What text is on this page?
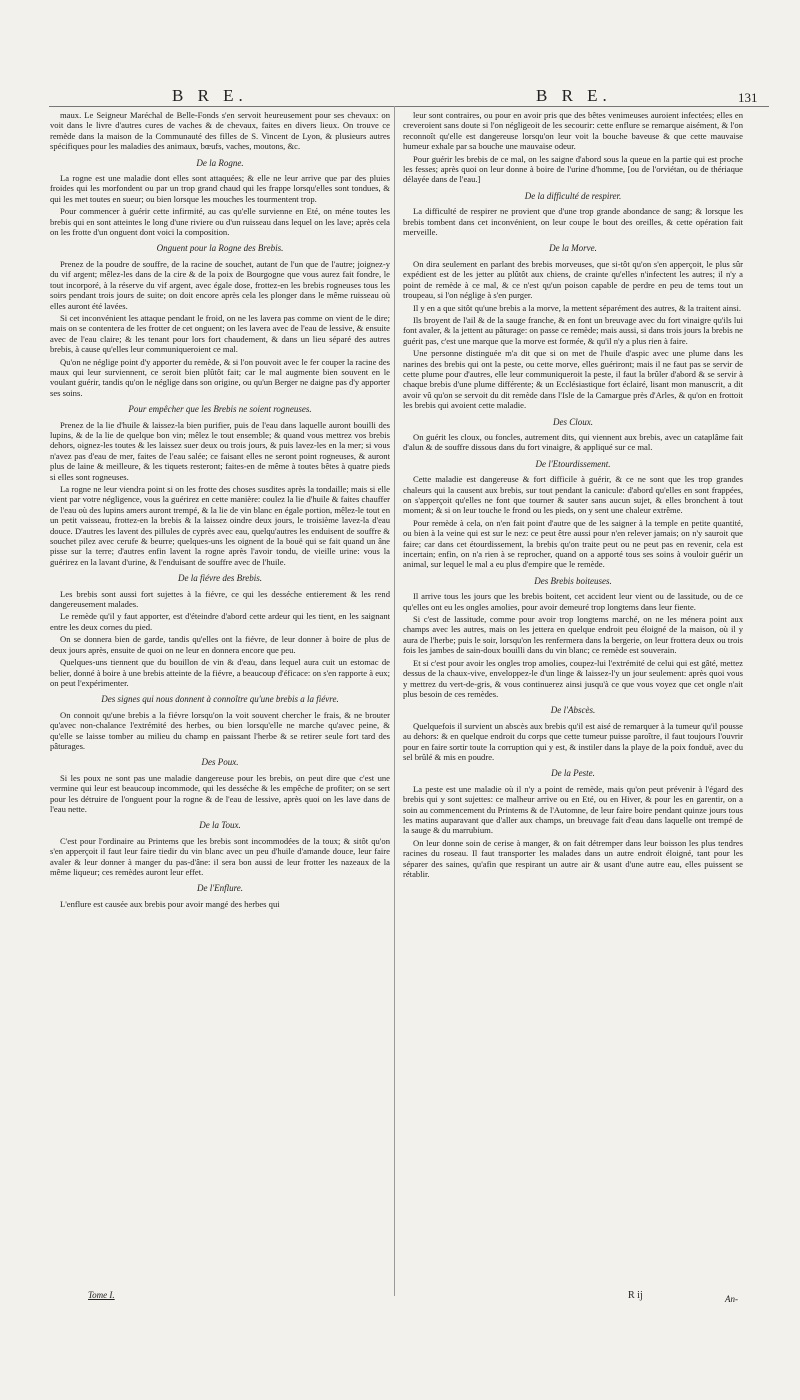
B R E.	B R E.	131

maux. Le Seigneur Maréchal de Belle-Fonds s'en servoit heureusement pour ses chevaux: on voit dans le livre d'autres cures de vaches & de chevaux, faites en divers lieux. On trouve ce remède dans la maison de la Communauté des filles de S. Vincent de Lyon, & plusieurs autres spécifiques pour les maladies des animaux, bœufs, vaches, moutons, &c.

De la Rogne.

La rogne est une maladie dont elles sont attaquées; & elle ne leur arrive que par des pluies froides qui les morfondent ou par un trop grand chaud qui les frappe lorsqu'elles sont tondues, & qui les met toutes en sueur; ou bien lorsque les mouches les tourmentent trop.

Pour commencer à guérir cette infirmité, au cas qu'elle survienne en Eté, on méne toutes les brebis qui en sont atteintes le long d'une riviere ou d'un ruisseau dans lequel on les lave; après cela on les frotte d'un onguent dont voici la composition.

Onguent pour la Rogne des Brebis.

Prenez de la poudre de souffre, de la racine de souchet, autant de l'un que de l'autre; joignez-y du vif argent; mêlez-les dans de la cire & de la poix de Bourgogne que vous aurez fait fondre, le tout incorporé, à la réserve du vif argent, avec égale dose, frottez-en les brebis rogneuses tous les soirs pendant trois jours de suite; on doit encore après cela les plonger dans le même ruisseau où elles auront été lavées.

Si cet inconvénient les attaque pendant le froid, on ne les lavera pas comme on vient de le dire; mais on se contentera de les frotter de cet onguent; on les lavera avec de l'eau de lessive, & ensuite avec de l'eau claire; & les tenant pour lors fort chaudement, & dans un lieu séparé des autres brebis, à cause qu'elles leur communiqueroient ce mal.

Qu'on ne néglige point d'y apporter du remède, & si l'on pouvoit avec le fer couper la racine des maux qui leur surviennent, ce seroit bien plûtôt fait; car le mal augmente bien souvent en le voulant guérir, tandis qu'on le néglige dans son origine, ou qu'un Berger ne daigne pas d'y apporter ses soins.

Pour empêcher que les Brebis ne soient rogneuses.

Prenez de la lie d'huile & laissez-la bien purifier, puis de l'eau dans laquelle auront bouilli des lupins, & de la lie de quelque bon vin; mêlez le tout ensemble; & quand vous mettrez vos brebis dehors, oignez-les toutes & les laissez suer deux ou trois jours, & puis lavez-les en la mer; si vous n'avez pas d'eau de mer, faites de l'eau salée; ce faisant elles ne seront point rogneuses, & auront plus de laine & meilleure, & les tiquets resteront; faites-en de même à toutes bêtes à quatre pieds si elles sont rogneuses.

La rogne ne leur viendra point si on les frotte des choses susdites après la tondaille; mais si elle vient par votre négligence, vous la guérirez en cette manière: coulez la lie d'huile & faites chauffer de l'eau où des lupins amers auront trempé, & la lie de vin blanc en égale portion, mêlez-le tout en un petit vaisseau, frottez-en la brebis & la laissez oindre deux jours, le troisième lavez-la d'eau douce. D'autres les lavent des pillules de cyprès avec eau, quelqu'autres les enduisent de souffre & souchet pilez avec cerufe & beurre; quelques-uns les oignent de la bouë qui se fait quand un âne pisse sur la terre; d'autres enfin lavent la rogne après l'avoir tondu, de vieille urine: vous la guérirez en la lavant d'urine, & l'enduisant de souffre avec de l'huile.

De la fiévre des Brebis.

Les brebis sont aussi fort sujettes à la fiévre, ce qui les desséche entierement & les rend dangereusement malades.

Le remède qu'il y faut apporter, est d'éteindre d'abord cette ardeur qui les tient, en les saignant entre les deux cornes du pied.

On se donnera bien de garde, tandis qu'elles ont la fiévre, de leur donner à boire de plus de deux jours après, ensuite de quoi on ne leur en donnera encore que peu.

Quelques-uns tiennent que du bouillon de vin & d'eau, dans lequel aura cuit un estomac de belier, donné à boire à une brebis atteinte de la fiévre, a beaucoup d'éficace: on s'en rapporte à eux; on peut l'expérimenter.

Des signes qui nous donnent à connoître qu'une brebis a la fiévre.

On connoit qu'une brebis a la fiévre lorsqu'on la voit souvent chercher le frais, & ne brouter qu'avec non-chalance l'extrémité des herbes, ou bien lorsqu'elle ne marche qu'avec peine, & qu'elle se laisse tomber au milieu du champ en paissant l'herbe & se retirer seule fort tard des pâturages.

Des Poux.

Si les poux ne sont pas une maladie dangereuse pour les brebis, on peut dire que c'est une vermine qui leur est beaucoup incommode, qui les desséche & les empêche de profiter; on se sert pour les détruire de l'onguent pour la rogne & de l'eau de lessive, après quoi on les lave dans de l'eau nette.

De la Toux.

C'est pour l'ordinaire au Printems que les brebis sont incommodées de la toux; & sitôt qu'on s'en apperçoit il faut leur faire tiedir du vin blanc avec un peu d'huile d'amande douce, leur faire avaler & leur donner à manger du pas-d'âne: il sera bon aussi de leur frotter les nazeaux de la même liqueur; ces remèdes auront leur effet.

De l'Enflure.

L'enflure est causée aux brebis pour avoir mangé des herbes qui

leur sont contraires, ou pour en avoir pris que des bêtes venimeuses auroient infectées; elles en creveroient sans doute si l'on négligeoit de les secourir: cette enflure se remarque aisément, & l'on reconnoît qu'elle est dangereuse lorsqu'on leur voit la bouche baveuse & que cette mauvaise humeur exhale par sa bouche une mauvaise odeur.

Pour guérir les brebis de ce mal, on les saigne d'abord sous la queue en la partie qui est proche les fesses; après quoi on leur donne à boire de l'urine d'homme, [ou de l'orviétan, ou de thériaque délayée dans de l'eau.]

De la difficulté de respirer.

La difficulté de respirer ne provient que d'une trop grande abondance de sang; & lorsque les brebis tombent dans cet inconvénient, on leur coupe le bout des oreilles, & cette opération fait merveille.

De la Morve.

On dira seulement en parlant des brebis morveuses, que si-tôt qu'on s'en apperçoit, le plus sûr expédient est de les jetter au plûtôt aux chiens, de crainte qu'elles n'infectent les autres; il n'y a point de remède à ce mal, & ce n'est qu'un poison capable de perdre en peu de tems tout un troupeau, si l'on néglige à s'en purger.

Il y en a que sitôt qu'une brebis a la morve, la mettent séparément des autres, & la traitent ainsi.

Ils broyent de l'ail & de la sauge franche, & en font un breuvage avec du fort vinaigre qu'ils lui font avaler, & la jettent au pâturage: on passe ce remède; mais aussi, si dans trois jours la brebis ne guérit pas, c'est une marque que la morve est formée, & qu'il n'y a plus rien à faire.

Une personne distinguée m'a dit que si on met de l'huile d'aspic avec une plume dans les narines des brebis qui ont la peste, ou cette morve, elles guériront; mais il ne faut pas se servir de cette plume pour d'autres, elle leur communiqueroit la peste, il faut la brûler d'abord & se servir à chaque brebis d'une plume différente; & un Ecclésiastique fort éclairé, lisant mon manuscrit, a dit avoir vû qu'on se servoit du dit remède dans l'Isle de la Camargue près d'Arles, & qu'on en frottoit les brebis qui avoient cette maladie.

Des Cloux.

On guérit les cloux, ou foncles, autrement dits, qui viennent aux brebis, avec un cataplâme fait d'alun & de souffre dissous dans du fort vinaigre, & appliqué sur ce mal.

De l'Etourdissement.

Cette maladie est dangereuse & fort difficile à guérir, & ce ne sont que les trop grandes chaleurs qui la causent aux brebis, sur tout pendant la canicule: d'abord qu'elles en sont frappées, on s'apperçoit qu'elles ne font que tourner & sauter sans aucun sujet, & elles bronchent à tout moment; & si on leur touche le frond ou les pieds, on y sent une chaleur extrême.

Pour remède à cela, on n'en fait point d'autre que de les saigner à la temple en petite quantité, ou bien à la veine qui est sur le nez: ce peut être aussi pour n'en relever jamais; on n'y sauroit que faire; car dans cet étourdissement, la brebis qu'on traite peut ou ne peut pas en revenir, cela est incertain; enfin, on n'a rien à se reprocher, quand on a apporté tous ses soins à vouloir guérir un animal, sur lequel le mal a eu plus d'empire que le remède.

Des Brebis boiteuses.

Il arrive tous les jours que les brebis boitent, cet accident leur vient ou de lassitude, ou de ce qu'elles ont eu les ongles amolies, pour avoir demeuré trop longtems dans leur fiente.

Si c'est de lassitude, comme pour avoir trop longtems marché, on ne les ménera point aux champs avec les autres, mais on les jettera en quelque endroit peu éloigné de la maison, où il y aura de l'herbe; puis le soir, lorsqu'on les renfermera dans la bergerie, on leur frottera deux ou trois fois les jambes de sain-doux bouilli dans du vin blanc; ce remède est souverain.

Et si c'est pour avoir les ongles trop amolies, coupez-lui l'extrémité de celui qui est gâté, mettez dessus de la chaux-vive, enveloppez-le d'un linge & laissez-l'y un jour seulement: après quoi vous y mettrez du vert-de-gris, & vous continuerez ainsi jusqu'à ce que vous voyez que cet ongle n'ait plus besoin de ces remèdes.

De l'Abscès.

Quelquefois il survient un abscès aux brebis qu'il est aisé de remarquer à la tumeur qu'il pousse au dehors: & en quelque endroit du corps que cette tumeur puisse paroître, il faut toujours l'ouvrir pour en faire sortir toute la corruption qui y est, & instiler dans la playe de la poix fonduë, avec du sel brûlé & mis en poudre.

De la Peste.

La peste est une maladie où il n'y a point de remède, mais qu'on peut prévenir à l'égard des brebis qui y sont sujettes: ce malheur arrive ou en Eté, ou en Hiver, & pour les en garentir, on a soin au commencement du Printems & de l'Automne, de leur faire boire pendant quinze jours tous les matins auparavant que d'aller aux champs, un breuvage fait d'eau dans laquelle ont trempé de la sauge & du marrubium.

On leur donne soin de cerise à manger, & on fait détremper dans leur boisson les plus tendres racines du roseau. Il faut transporter les malades dans un autre endroit éloigné, tant pour les séparer des saines, qu'afin que respirant un autre air & usant d'une autre eau, elles puissent se rétablir.

Tome I.	R ij	An-
